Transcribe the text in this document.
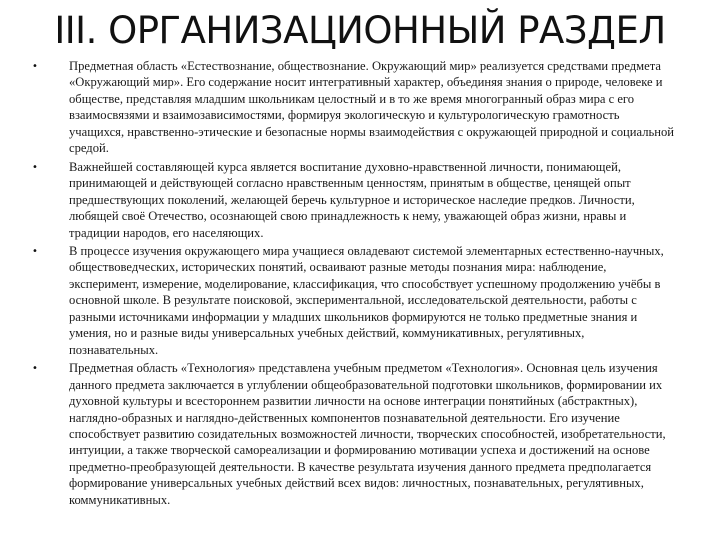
III. ОРГАНИЗАЦИОННЫЙ РАЗДЕЛ
• Предметная область «Естествознание, обществознание. Окружающий мир» реализуется средствами предмета «Окружающий мир». Его содержание носит интегративный характер, объединяя знания о природе, человеке и обществе, представляя младшим школьникам целостный и в то же время многогранный образ мира с его взаимосвязями и взаимозависимостями, формируя экологическую и культурологическую грамотность учащихся, нравственно-этические и безопасные нормы взаимодействия с окружающей природной и социальной средой.
• Важнейшей составляющей курса является воспитание духовно-нравственной личности, понимающей, принимающей и действующей согласно нравственным ценностям, принятым в обществе, ценящей опыт предшествующих поколений, желающей беречь культурное и историческое наследие предков. Личности, любящей своё Отечество, осознающей свою принадлежность к нему, уважающей образ жизни, нравы и традиции народов, его населяющих.
• В процессе изучения окружающего мира учащиеся овладевают системой элементарных естественно-научных, обществоведческих, исторических понятий, осваивают разные методы познания мира: наблюдение, эксперимент, измерение, моделирование, классификация, что способствует успешному продолжению учёбы в основной школе. В результате поисковой, экспериментальной, исследовательской деятельности, работы с разными источниками информации у младших школьников формируются не только предметные знания и умения, но и разные виды универсальных учебных действий, коммуникативных, регулятивных, познавательных.
• Предметная область «Технология» представлена учебным предметом «Технология». Основная цель изучения данного предмета заключается в углублении общеобразовательной подготовки школьников, формировании их духовной культуры и всестороннем развитии личности на основе интеграции понятийных (абстрактных), наглядно-образных и наглядно-действенных компонентов познавательной деятельности. Его изучение способствует развитию созидательных возможностей личности, творческих способностей, изобретательности, интуиции, а также творческой самореализации и формированию мотивации успеха и достижений на основе предметно-преобразующей деятельности. В качестве результата изучения данного предмета предполагается формирование универсальных учебных действий всех видов: личностных, познавательных, регулятивных, коммуникативных.
